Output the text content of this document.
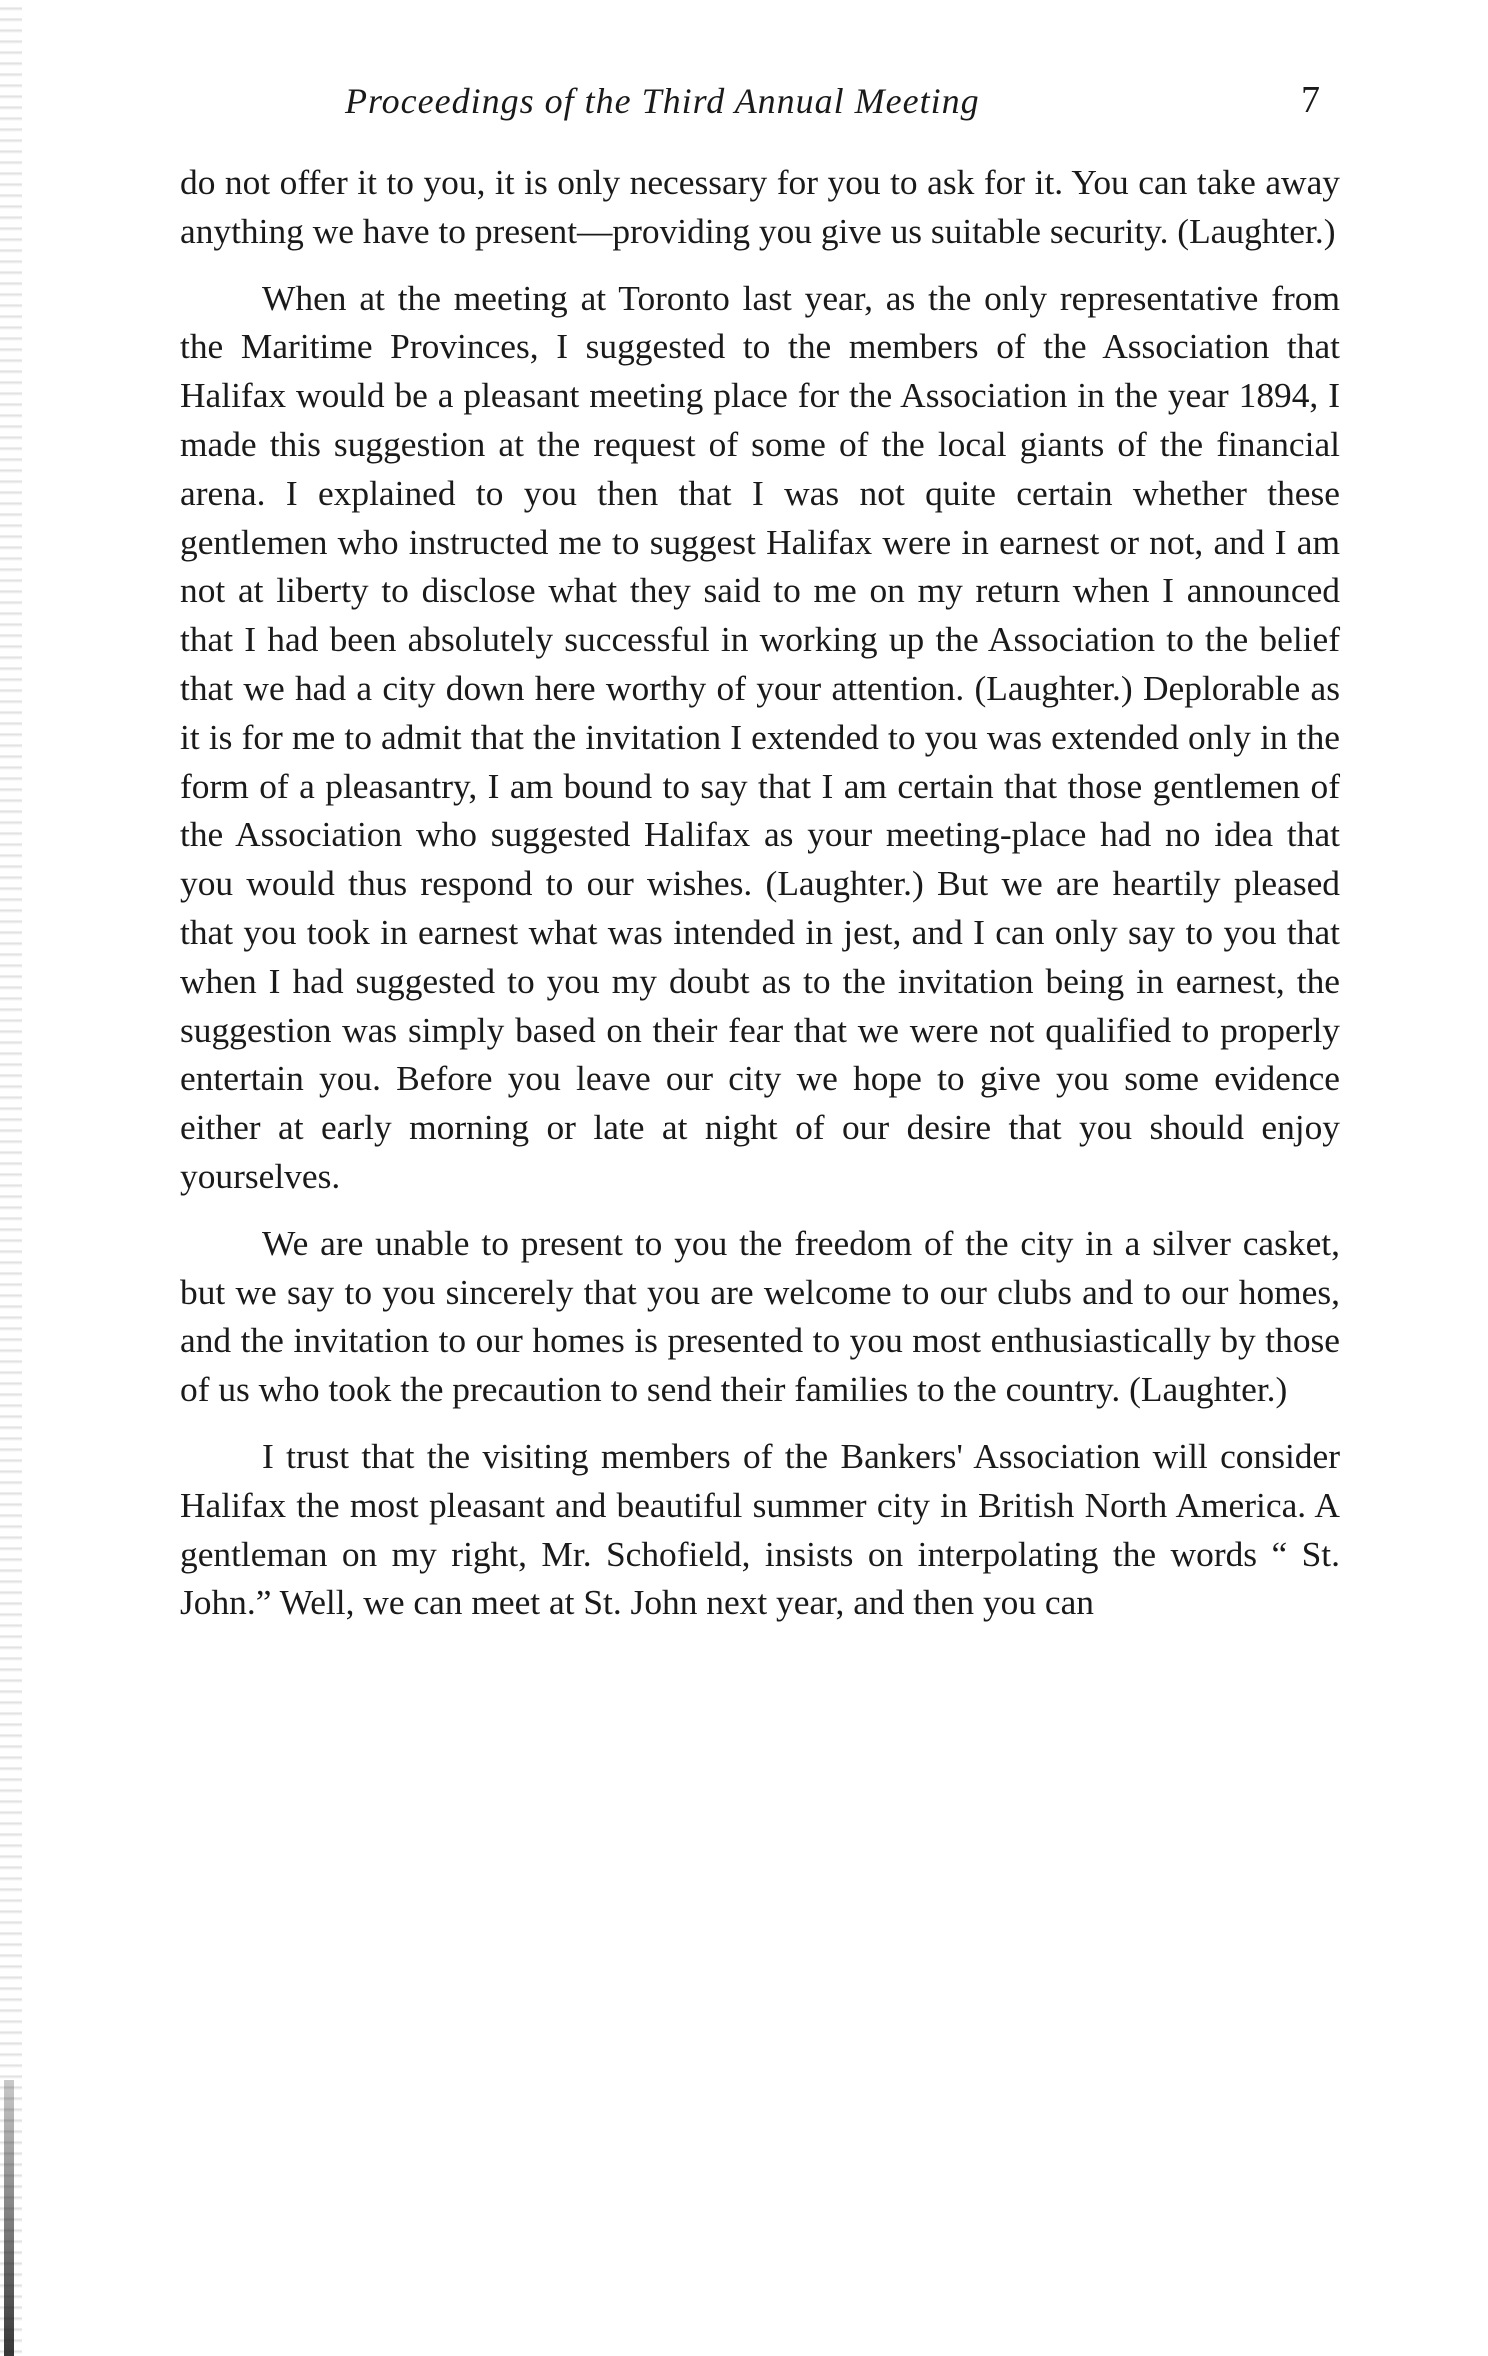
Proceedings of the Third Annual Meeting	7

do not offer it to you, it is only necessary for you to ask for it. You can take away anything we have to present—providing you give us suitable security. (Laughter.)

When at the meeting at Toronto last year, as the only representative from the Maritime Provinces, I suggested to the members of the Association that Halifax would be a pleasant meeting place for the Association in the year 1894, I made this suggestion at the request of some of the local giants of the financial arena. I explained to you then that I was not quite certain whether these gentlemen who instructed me to suggest Halifax were in earnest or not, and I am not at liberty to disclose what they said to me on my return when I announced that I had been absolutely successful in working up the Association to the belief that we had a city down here worthy of your attention. (Laughter.) Deplorable as it is for me to admit that the invitation I extended to you was extended only in the form of a pleasantry, I am bound to say that I am certain that those gentlemen of the Association who suggested Halifax as your meeting-place had no idea that you would thus respond to our wishes. (Laughter.) But we are heartily pleased that you took in earnest what was intended in jest, and I can only say to you that when I had suggested to you my doubt as to the invitation being in earnest, the suggestion was simply based on their fear that we were not qualified to properly entertain you. Before you leave our city we hope to give you some evidence either at early morning or late at night of our desire that you should enjoy yourselves.

We are unable to present to you the freedom of the city in a silver casket, but we say to you sincerely that you are welcome to our clubs and to our homes, and the invitation to our homes is presented to you most enthusiastically by those of us who took the precaution to send their families to the country. (Laughter.)

I trust that the visiting members of the Bankers' Association will consider Halifax the most pleasant and beautiful summer city in British North America. A gentleman on my right, Mr. Schofield, insists on interpolating the words “ St. John.” Well, we can meet at St. John next year, and then you can
